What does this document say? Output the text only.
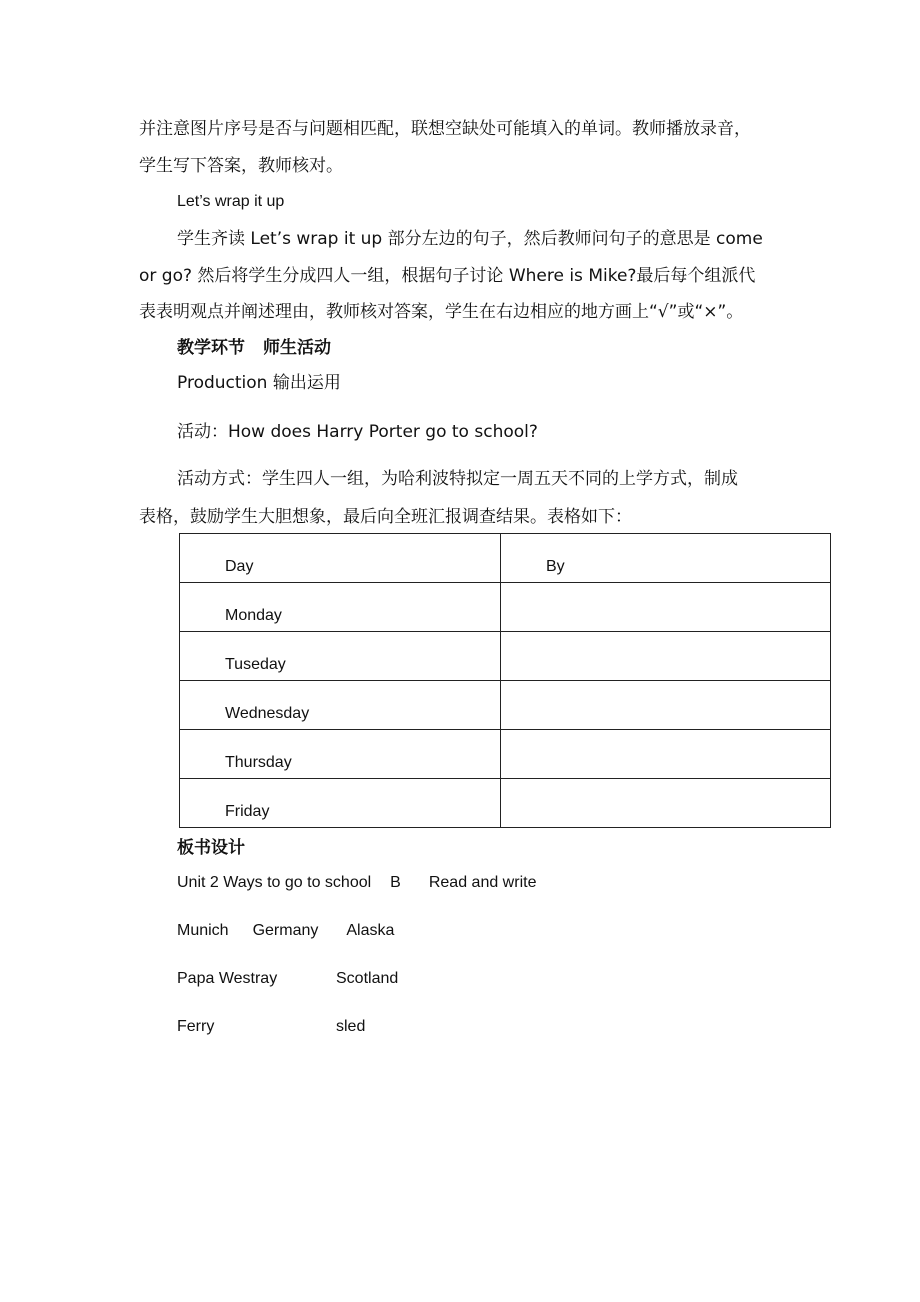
并注意图片序号是否与问题相匹配，联想空缺处可能填入的单词。教师播放录音，
学生写下答案，教师核对。
Let’s wrap it up
学生齐读 Let’s wrap it up 部分左边的句子，然后教师问句子的意思是 come
or go? 然后将学生分成四人一组，根据句子讨论 Where is Mike?最后每个组派代
表表明观点并阐述理由，教师核对答案，学生在右边相应的地方画上“√”或“×”。
教学环节 师生活动
Production 输出运用
活动：How does Harry Porter go to school?
活动方式：学生四人一组，为哈利波特拟定一周五天不同的上学方式，制成
表格，鼓励学生大胆想象，最后向全班汇报调查结果。表格如下：
Day	By
Monday	
Tuseday	
Wednesday	
Thursday	
Friday	
板书设计
Unit 2 Ways to go to school B Read and write
Munich Germany Alaska
Papa Westray	Scotland
Ferry	sled
